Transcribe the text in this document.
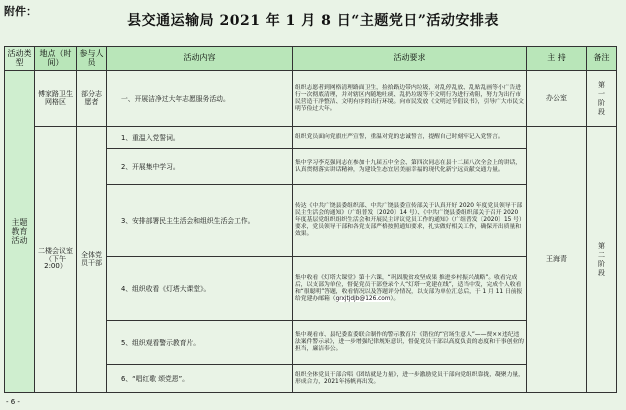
附件：
县交通运输局 2021 年 1 月 8 日“主题党日”活动安排表
活动类型	地点（时间）	参与人员	活动内容	活动要求	主 持	备注
主题教育活动	傅家路卫生网格区	部分志愿者	一、开展洁净过大年志愿服务活动。	组织志愿者到网格清理路面卫生，捡拾路边带内垃圾，对乱停乱放、乱贴乱画等小广告进行一次彻底清理，并对辖区内随地吐痰、乱扔垃圾等不文明行为进行劝阻，努力为出行市民营造干净整洁、文明有序的出行环境。向市民发放《文明过节倡议书》，引导广大市民文明节俭过大年。	办公室	第一阶段

	二楼会议室（下午2:00）	全体党员干部	1、重温入党誓词。	组织党员面向党旗庄严宣誓，重温对党的忠诚誓言，提醒自己时刻牢记入党誓言。	王海青	第二阶段

			2、开展集中学习。	集中学习李克强同志在参加十九届五中全会、第四次同志在县十二届八次全会上的讲话，认真贯彻落实讲话精神，为建设生态宜居美丽幸福的现代化新宁远贡献交通力量。		
			3、安排部署民主生活会和组织生活会工作。	传达《中共广饶县委组织部、中共广饶县委宣传部关于认真开好 2020 年度党员领导干部民主生活会的通知》（广组普发〔2020〕14 号）、《中共广饶县委组织部关于召开 2020 年度基层党组织组织生活会和开展民主评议党员工作的通知》（广组普发〔2020〕15 号）要求，党员领导干部和各党支部严格按照通知要求，扎实做好相关工作，确保开出质量和效果。		
			4、组织收看《灯塔大课堂》。	集中收看《灯塔大课堂》第十六课，“巩固脱贫攻坚成果 推进乡村振兴战略”。收看完成后，以支部为单位，督促党员干部登录个人“灯塔一党建在线”，适当中发，完成个人收看和“很聪明”答题，收看情况以及答题评分情况，以支部为单位汇总后，于 1 月 11 日前报给党建办邮箱（grxjtjdjb@126.com）。		
			5、组织观看警示教育片。	集中观看市、县纪委监委联合制作的警示教育片《错位的“官场生意人”——贾××违纪违法案件警示录》，进一步增强纪律规矩意识，督促党员干部以高度负责的态度和干事创业的担当，廉洁奉公。		
			6、“唱红歌 颂党恩”。	组织全体党员干部合唱《团结就是力量》，进一步激励党员干部向党组织靠拢，凝聚力量，形成合力，2021年扬帆再出发。		
- 6 -
